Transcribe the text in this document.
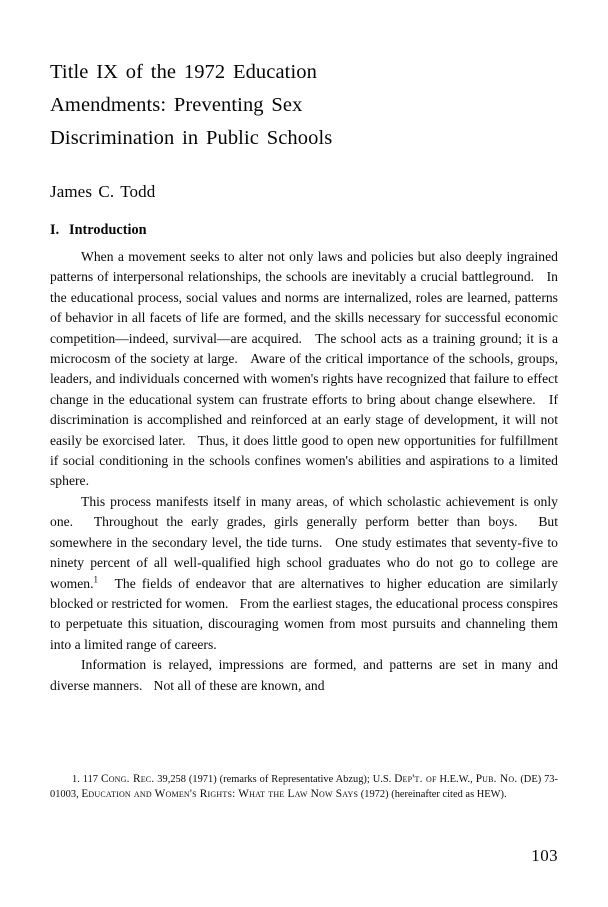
Title IX of the 1972 Education
Amendments: Preventing Sex
Discrimination in Public Schools
James C. Todd
I. Introduction

When a movement seeks to alter not only laws and policies but also deeply ingrained patterns of interpersonal relationships, the schools are inevitably a crucial battleground. In the educational process, social values and norms are internalized, roles are learned, patterns of behavior in all facets of life are formed, and the skills necessary for successful economic competition—indeed, survival—are acquired. The school acts as a training ground; it is a microcosm of the society at large. Aware of the critical importance of the schools, groups, leaders, and individuals concerned with women's rights have recognized that failure to effect change in the educational system can frustrate efforts to bring about change elsewhere. If discrimination is accomplished and reinforced at an early stage of development, it will not easily be exorcised later. Thus, it does little good to open new opportunities for fulfillment if social conditioning in the schools confines women's abilities and aspirations to a limited sphere.

This process manifests itself in many areas, of which scholastic achievement is only one. Throughout the early grades, girls generally perform better than boys. But somewhere in the secondary level, the tide turns. One study estimates that seventy-five to ninety percent of all well-qualified high school graduates who do not go to college are women.$^1$ The fields of endeavor that are alternatives to higher education are similarly blocked or restricted for women. From the earliest stages, the educational process conspires to perpetuate this situation, discouraging women from most pursuits and channeling them into a limited range of careers.

Information is relayed, impressions are formed, and patterns are set in many and diverse manners. Not all of these are known, and

1. 117 Cong. Rec. 39,258 (1971) (remarks of Representative Abzug); U.S. Dep't. of H.E.W., Pub. No. (DE) 73-01003, Education and Women's Rights: What the Law Now Says (1972) (hereinafter cited as HEW).

103
